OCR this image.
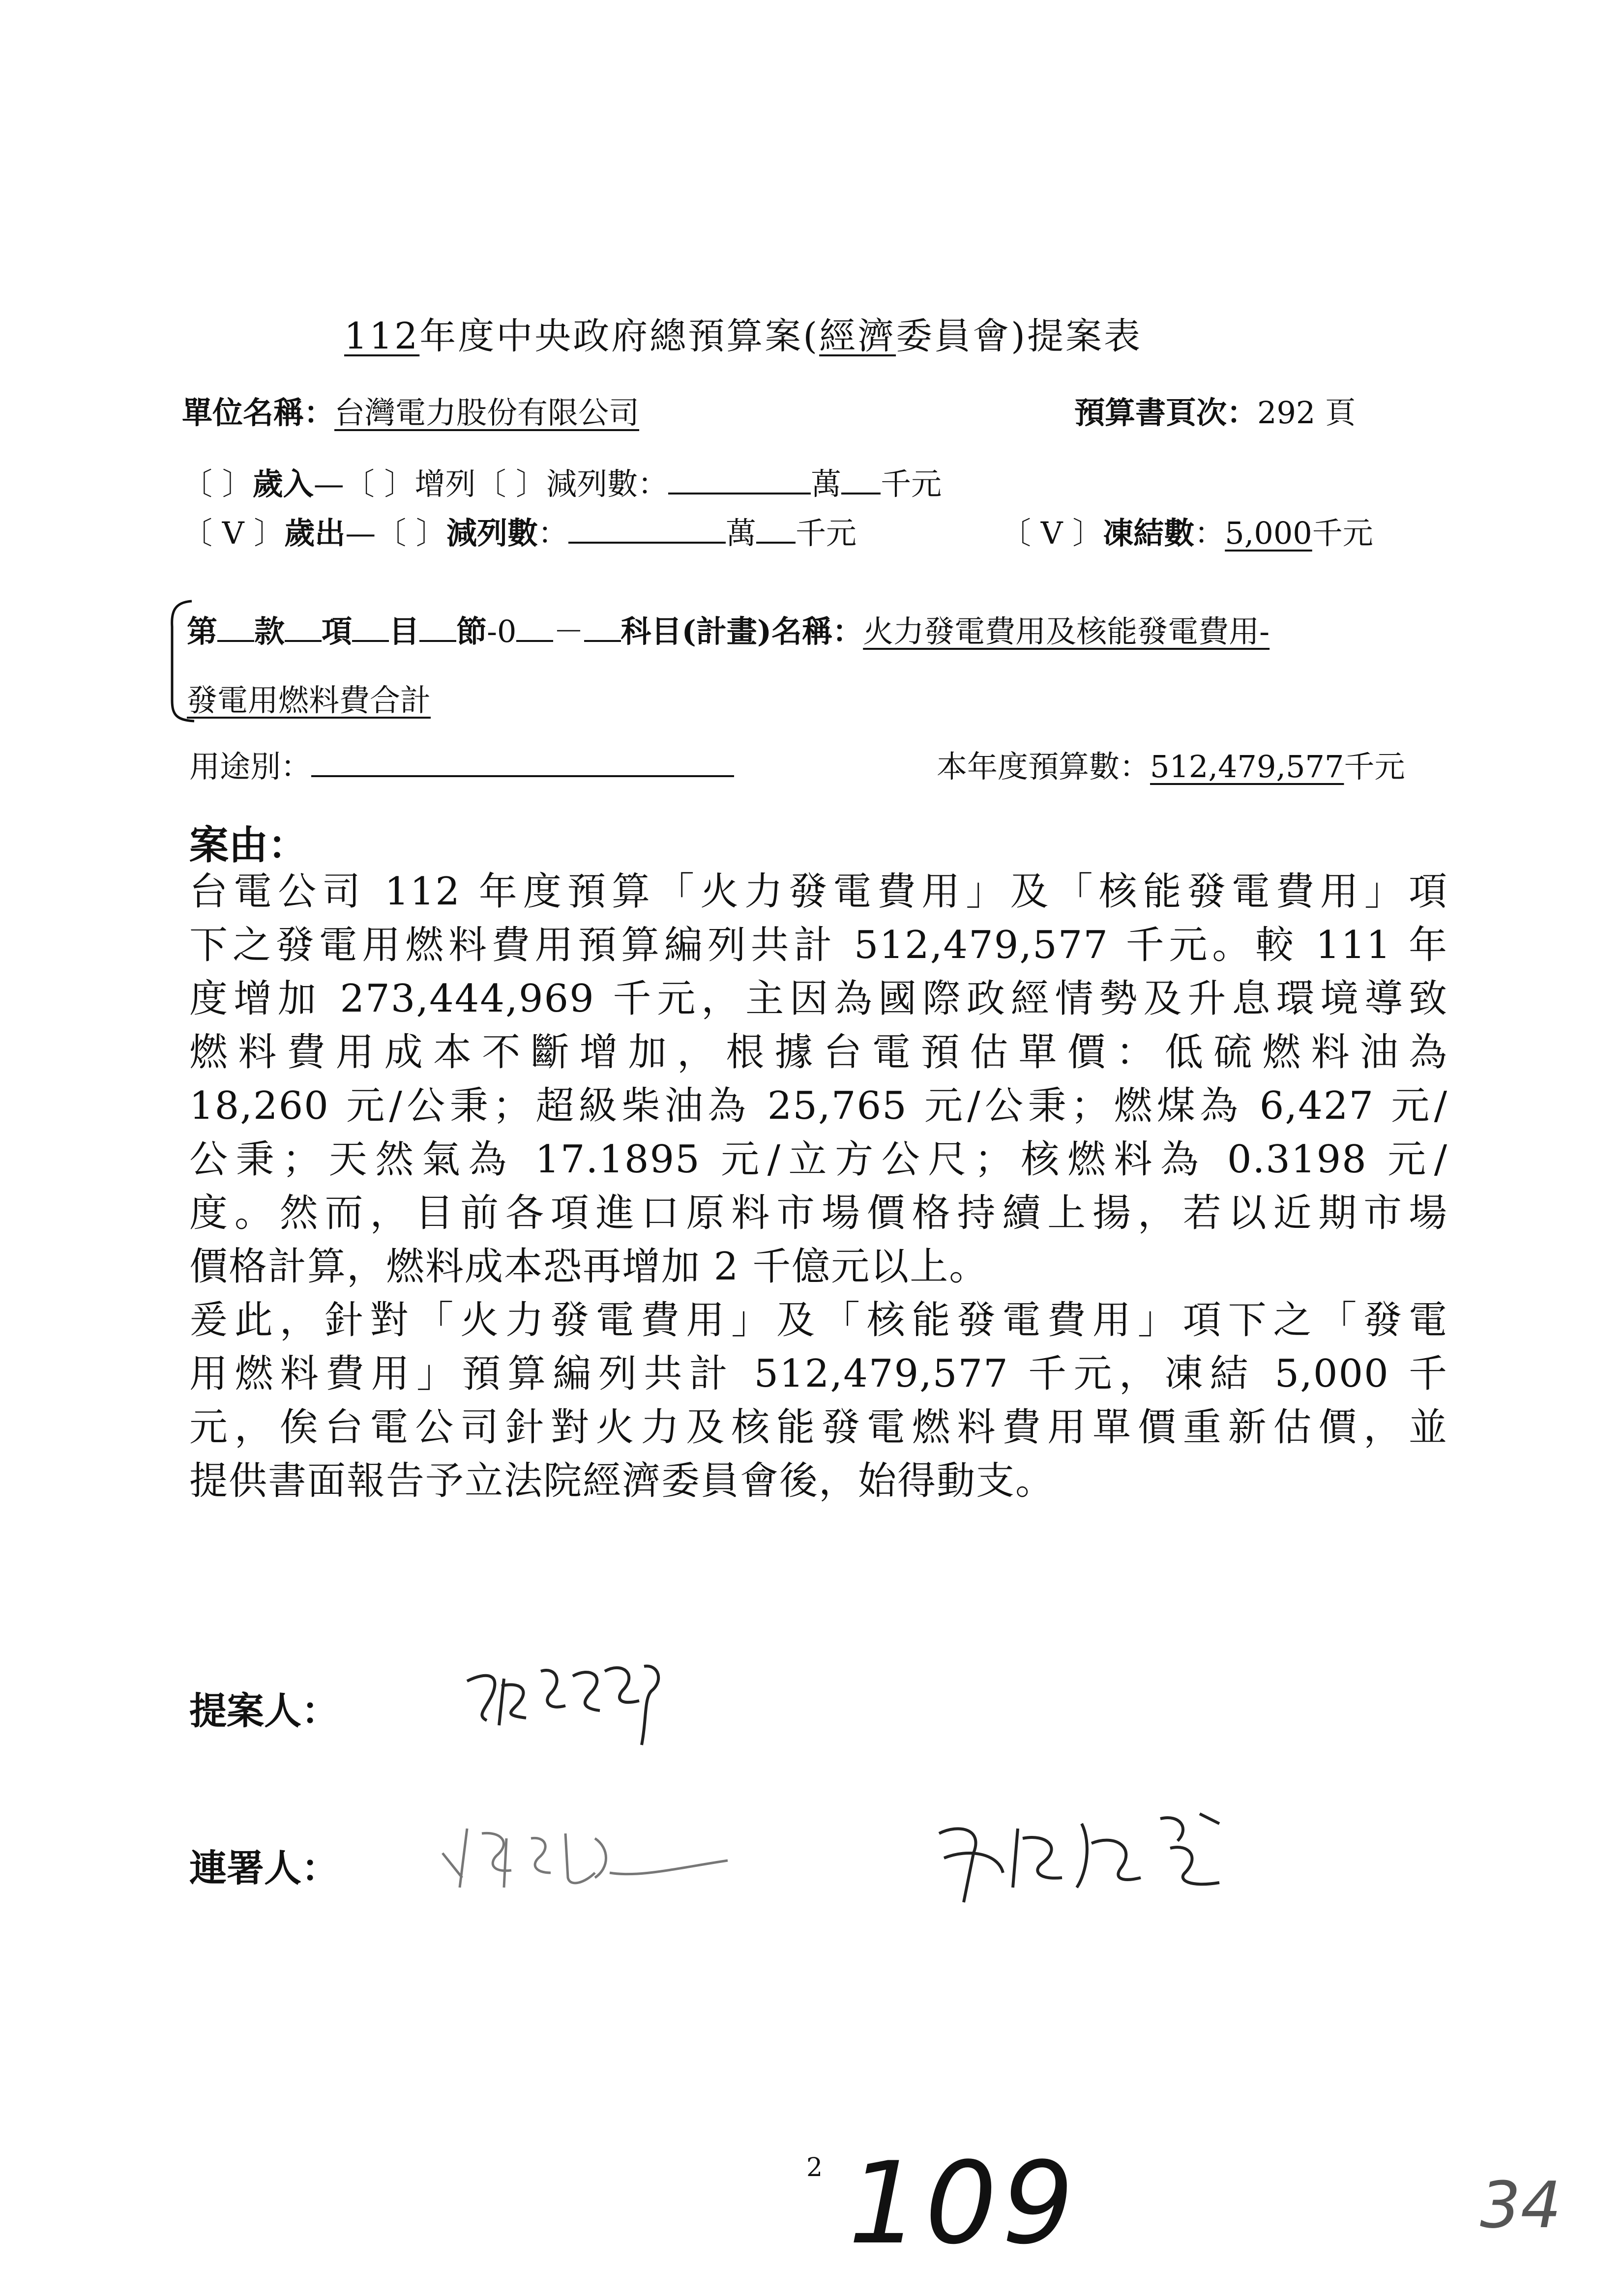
112年度中央政府總預算案(經濟委員會)提案表
單位名稱：台灣電力股份有限公司	預算書頁次：292 頁
〔 〕歲入—〔 〕增列〔 〕減列數：	萬 千元
〔 V 〕歲出—〔 〕減列數：	萬 千元	〔 V 〕凍結數：5,000千元
第 款 項 目 節-0 － 科目(計畫)名稱：火力發電費用及核能發電費用-
發電用燃料費合計
用途別：	本年度預算數：512,479,577千元
案由：

台電公司 112 年度預算「火力發電費用」及「核能發電費用」項
下之發電用燃料費用預算編列共計 512,479,577 千元。較 111 年
度增加 273,444,969 千元，主因為國際政經情勢及升息環境導致
燃料費用成本不斷增加，根據台電預估單價：低硫燃料油為
18,260 元/公秉；超級柴油為 25,765 元/公秉；燃煤為 6,427 元/
公秉；天然氣為 17.1895 元/立方公尺；核燃料為 0.3198 元/
度。然而，目前各項進口原料市場價格持續上揚，若以近期市場
價格計算，燃料成本恐再增加 2 千億元以上。

爰此，針對「火力發電費用」及「核能發電費用」項下之「發電
用燃料費用」預算編列共計 512,479,577 千元，凍結 5,000 千
元，俟台電公司針對火力及核能發電燃料費用單價重新估價，並
提供書面報告予立法院經濟委員會後，始得動支。

提案人：
連署人：
2 109	34
